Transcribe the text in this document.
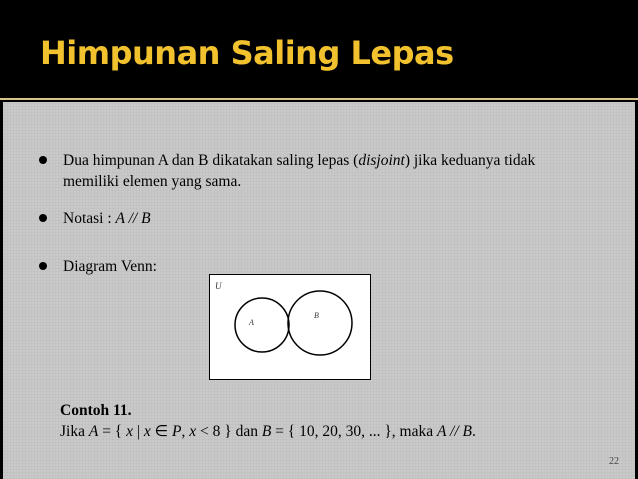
Himpunan Saling Lepas
Dua himpunan A dan B dikatakan saling lepas (disjoint) jika keduanya tidak memiliki elemen yang sama.
Notasi : A // B
Diagram Venn:
U
A
B
Contoh 11.
Jika A = { x | x ∈ P, x < 8 } dan B = { 10, 20, 30, ... }, maka A // B.
22
